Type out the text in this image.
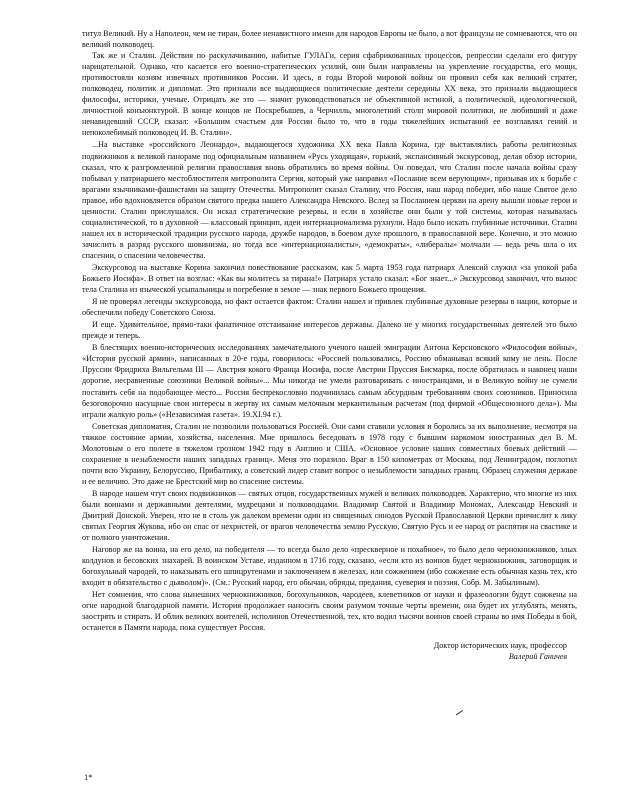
титул Великий. Ну а Наполеон, чем не тиран, более ненавистного имени для народов Европы не было, а вот французы не сомневаются, что он великий полководец.

Так же и Сталин. Действия по раскулачиванию, набитые ГУЛАГи, серия сфабрикованных процессов, репрессии сделали его фигуру нарицательной. Однако, что касается его военно-стратегических усилий, они были направлены на укрепление государства, его мощи, противостояли козням извечных противников России. И здесь, в годы Второй мировой войны он проявил себя как великий стратег, полководец, политик и дипломат. Это признали все выдающиеся политические деятели середины XX века, это признали выдающиеся философы, историки, ученые. Отрицать же это — значит руководствоваться не объективной истиной, а политической, идеологической, личностной конъюнктурой. В конце концов не Поскребышев, а Черчилль, многолетний столп мировой политики, не любивший и даже ненавидевший СССР, сказал: «Большим счастьем для России было то, что в годы тяжелейших испытаний ее возглавлял гений и непоколебимый полководец И. В. Сталин».

...На выставке «российского Леонардо», выдающегося художника XX века Павла Корина, где выставлялись работы религиозных подвижников к великой панораме под официальным названием «Русь уходящая», горький, экспансивный экскурсовод, делая обзор истории, сказал, что к разгромленной религии православия вновь обратились во время войны. Он поведал, что Сталин после начала войны сразу побывал у патриаршего местоблюстителя митрополита Сергия, который уже направил «Послание всем верующим», призывая их к борьбе с врагами язычниками-фашистами на защиту Отечества. Митрополит сказал Сталину, что Россия, наш народ победит, ибо наше Святое дело правое, ибо вдохновляется образом святого предка нашего Александра Невского. Вслед за Посланием церкви на арену вышли новые герои и ценности. Сталин прислушался. Он искал стратегические резервы, и если в хозяйстве они были у той системы, которая называлась социалистической, то в духовной — классовый принцип, идеи интернационализма рухнули. Надо было искать глубинные источники. Сталин нашел их в исторической традиции русского народа, дружбе народов, в боевом духе прошлого, в православной вере. Конечно, и это можно зачислить в разряд русского шовинизма, но тогда все «интернационалисты», «демократы», «либералы» молчали — ведь речь шла о их спасении, о спасении человечества.

Экскурсовод на выставке Корина закончил повествование рассказом, как 5 марта 1953 года патриарх Алексий служил «за упокой раба Божьего Иосифа». В ответ на возглас: «Как вы молитесь за тирана!» Патриарх устало сказал: «Бог знает...» Экскурсовод закончил, что вынос тела Сталина из языческой усыпальницы и погребение в земле — знак первого Божьего прощения.

Я не проверял легенды экскурсовода, но факт остается фактом: Сталин нашел и привлек глубинные духовные резервы в нации, которые и обеспечили победу Советского Союза.

И еще. Удивительное, прямо-таки фанатичное отстаивание интересов державы. Далеко не у многих государственных деятелей это было прежде и теперь.

В блестящих военно-исторических исследованиях замечательного ученого нашей эмиграции Антона Керсновского «Философия войны», «История русской армии», написанных в 20-е годы, говорилось: «Россией пользовались, Россию обманывал всякий кому не лень. После Пруссии Фридриха Вильгельма III — Австрия кокого Франца Иосифа, после Австрии Пруссия Бисмарка, после обратилась и наконец наши дорогие, несравненные союзники Великой войны»... Мы никогда не умели разговаривать с иностранцами, и в Великую войну не сумели поставить себя на подобающее место... Россия беспрекословно подчинилась самым абсурдным требованиям своих союзников. Приносила безоговорочно насущные свои интересы в жертву их самым мелочным меркантильным расчетам (под фирмой «Общесоюзного дела»). Мы играли жалкую роль» («Независимая газета». 19.XI.94 г.).

Советская дипломатия, Сталин не позволили пользоваться Россией. Они сами ставили условия и боролись за их выполнение, несмотря на тяжкое состояние армии, хозяйства, населения. Мне пришлось беседовать в 1978 году с бывшим наркомом иностранных дел В. М. Молотовым о его полете в тяжелом грозном 1942 году в Англию и США. «Основное условие наших совместных боевых действий — сохранение в незыблемости наших западных границ». Меня это поразило. Враг в 150 километрах от Москвы, под Ленинградом, поглотил почти всю Украину, Белоруссию, Прибалтику, а советский лидер ставит вопрос о незыблемости западных границ. Образец служения державе и ее величию. Это даже не Брестский мир во спасение системы.

В народе нашем чтут своих подвижников — святых отцов, государственных мужей и великих полководцев. Характерно, что многие из них были воинами и державными деятелями, мудрецами и полководцами. Владимир Святой и Владимир Мономах, Александр Невский и Дмитрий Донской. Уверен, что не в столь уж далеком времени один из священных синодов Русской Православной Церкви причислит к лику святых Георгия Жукова, ибо он спас от нехристей, от врагов человечества землю Русскую, Святую Русь и ее народ от распятия на свастике и от полного уничтожения.

Наговор же на воина, на его дело, на победителя — то всегда было дело «прескверное и похабное», то было дело чернокнижников, злых колдунов и бесовских знахарей. В воинском Уставе, изданном в 1716 году, сказано, «если кто из воинов будет чернокнижник, заговорщик и богохульный чародей, то наказывать его шпицрутенами и заключением в железах, или сожжением (ибо сожжение есть обычная казнь тех, кто входит в обязательство с дьяволом)». (См.: Русский народ, его обычаи, обряды, предания, суеверия и поэзия. Собр. М. Забылиным).

Нет сомнения, что слова нынешних чернокнижников, богохульников, чародеев, клеветников от науки и фразеологии будут сожжены на огне народной благодарной памяти. История продолжает наносить своим разумом точные черты времени, она будет их углублять, менять, заострять и стирать. И облик великих воителей, исполинов Отечественной, тех, кто водил тысячи воинов своей страны во имя Победы в бой, останется в Памяти народа, пока существует Россия.

Доктор исторических наук, профессор
Валерий Ганичев
1*
